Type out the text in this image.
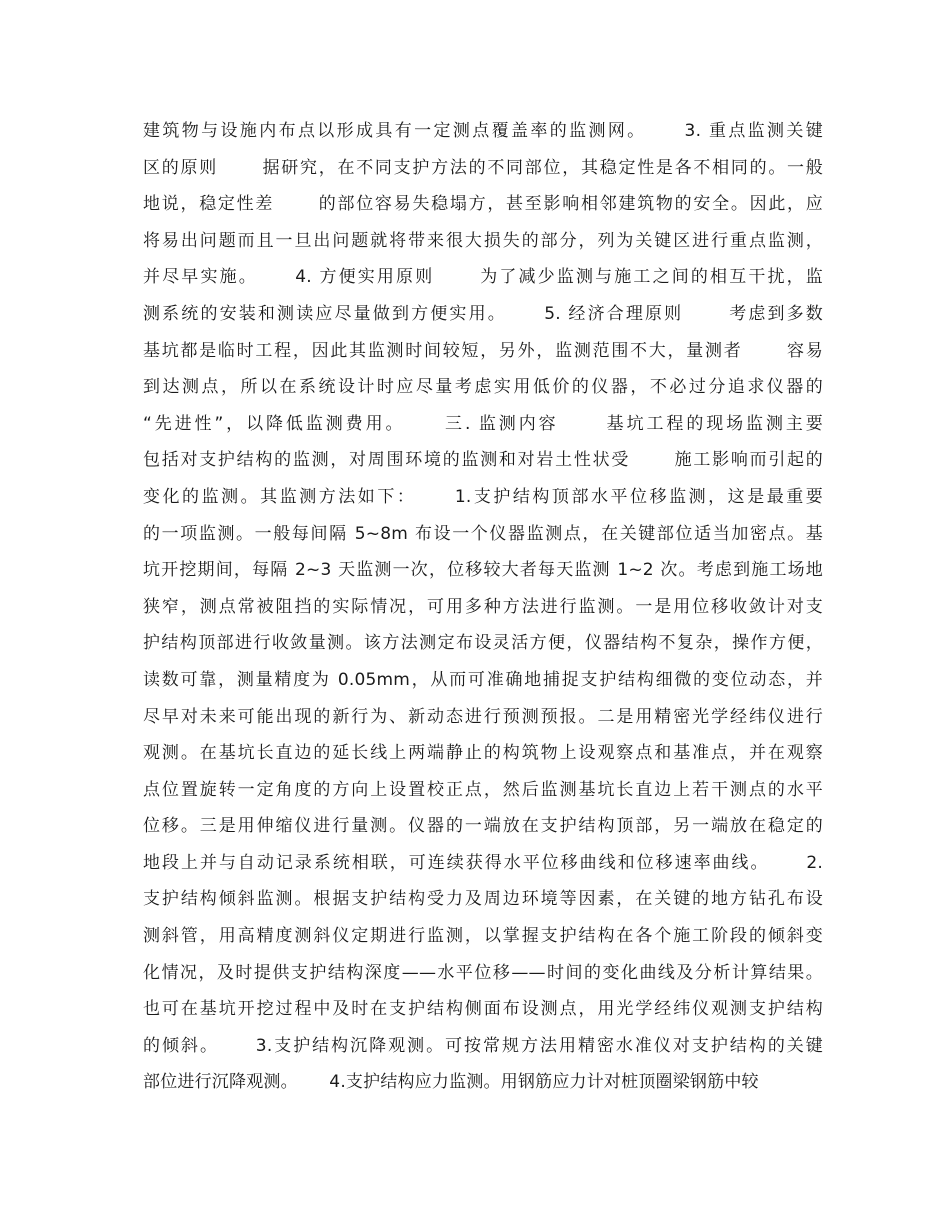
建筑物与设施内布点以形成具有一定测点覆盖率的监测网。　　 3. 重点监测关键
区的原则　　 据研究，在不同支护方法的不同部位，其稳定性是各不相同的。一般
地说，稳定性差　　 的部位容易失稳塌方，甚至影响相邻建筑物的安全。因此，应
将易出问题而且一旦出问题就将带来很大损失的部分，列为关键区进行重点监测，
并尽早实施。　　 4. 方便实用原则　　 为了减少监测与施工之间的相互干扰，监
测系统的安装和测读应尽量做到方便实用。　　 5. 经济合理原则　　 考虑到多数
基坑都是临时工程，因此其监测时间较短，另外，监测范围不大，量测者　　 容易
到达测点，所以在系统设计时应尽量考虑实用低价的仪器，不必过分追求仪器的
“先进性”，以降低监测费用。　　 三. 监测内容　　 基坑工程的现场监测主要
包括对支护结构的监测，对周围环境的监测和对岩土性状受　　 施工影响而引起的
变化的监测。其监测方法如下：　　 1.支护结构顶部水平位移监测，这是最重要
的一项监测。一般每间隔 5~8m 布设一个仪器监测点，在关键部位适当加密点。基
坑开挖期间，每隔 2~3 天监测一次，位移较大者每天监测 1~2 次。考虑到施工场地
狭窄，测点常被阻挡的实际情况，可用多种方法进行监测。一是用位移收敛计对支
护结构顶部进行收敛量测。该方法测定布设灵活方便，仪器结构不复杂，操作方便，
读数可靠，测量精度为 0.05mm，从而可准确地捕捉支护结构细微的变位动态，并
尽早对未来可能出现的新行为、新动态进行预测预报。二是用精密光学经纬仪进行
观测。在基坑长直边的延长线上两端静止的构筑物上设观察点和基准点，并在观察
点位置旋转一定角度的方向上设置校正点，然后监测基坑长直边上若干测点的水平
位移。三是用伸缩仪进行量测。仪器的一端放在支护结构顶部，另一端放在稳定的
地段上并与自动记录系统相联，可连续获得水平位移曲线和位移速率曲线。　　 2.
支护结构倾斜监测。根据支护结构受力及周边环境等因素，在关键的地方钻孔布设
测斜管，用高精度测斜仪定期进行监测，以掌握支护结构在各个施工阶段的倾斜变
化情况，及时提供支护结构深度——水平位移——时间的变化曲线及分析计算结果。
也可在基坑开挖过程中及时在支护结构侧面布设测点，用光学经纬仪观测支护结构
的倾斜。　　 3.支护结构沉降观测。可按常规方法用精密水准仪对支护结构的关键
部位进行沉降观测。　　 4.支护结构应力监测。用钢筋应力计对桩顶圈梁钢筋中较
